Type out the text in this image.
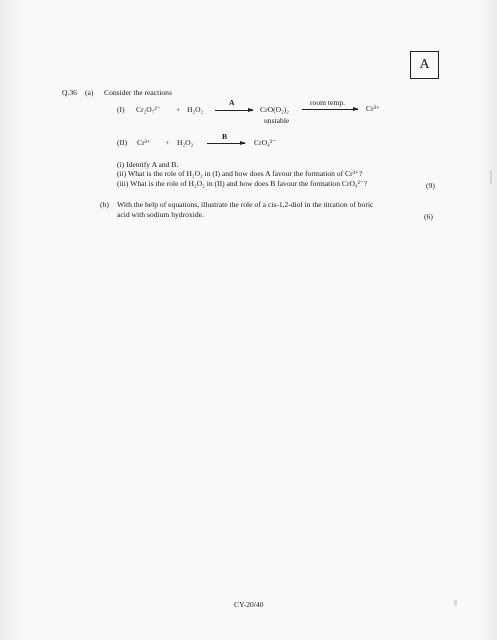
A
Q.36 (a) Consider the reactions
(I) Cr₂O₇²⁻ + H₂O₂
A
CrO(O₂)₂
unstable
room temp.
Cr³⁺
(II) Cr³⁺ + H₂O₂
B
CrO₄²⁻
(i) Identify A and B.
(ii) What is the role of H₂O₂ in (I) and how does A favour the formation of Cr³⁺?
(iii) What is the role of H₂O₂ in (II) and how does B favour the formation CrO₄²⁻?	(9)
(b) With the help of equations, illustrate the role of a cis-1,2-diol in the titration of boric
acid with sodium hydroxide.	(6)
CY-20/40
